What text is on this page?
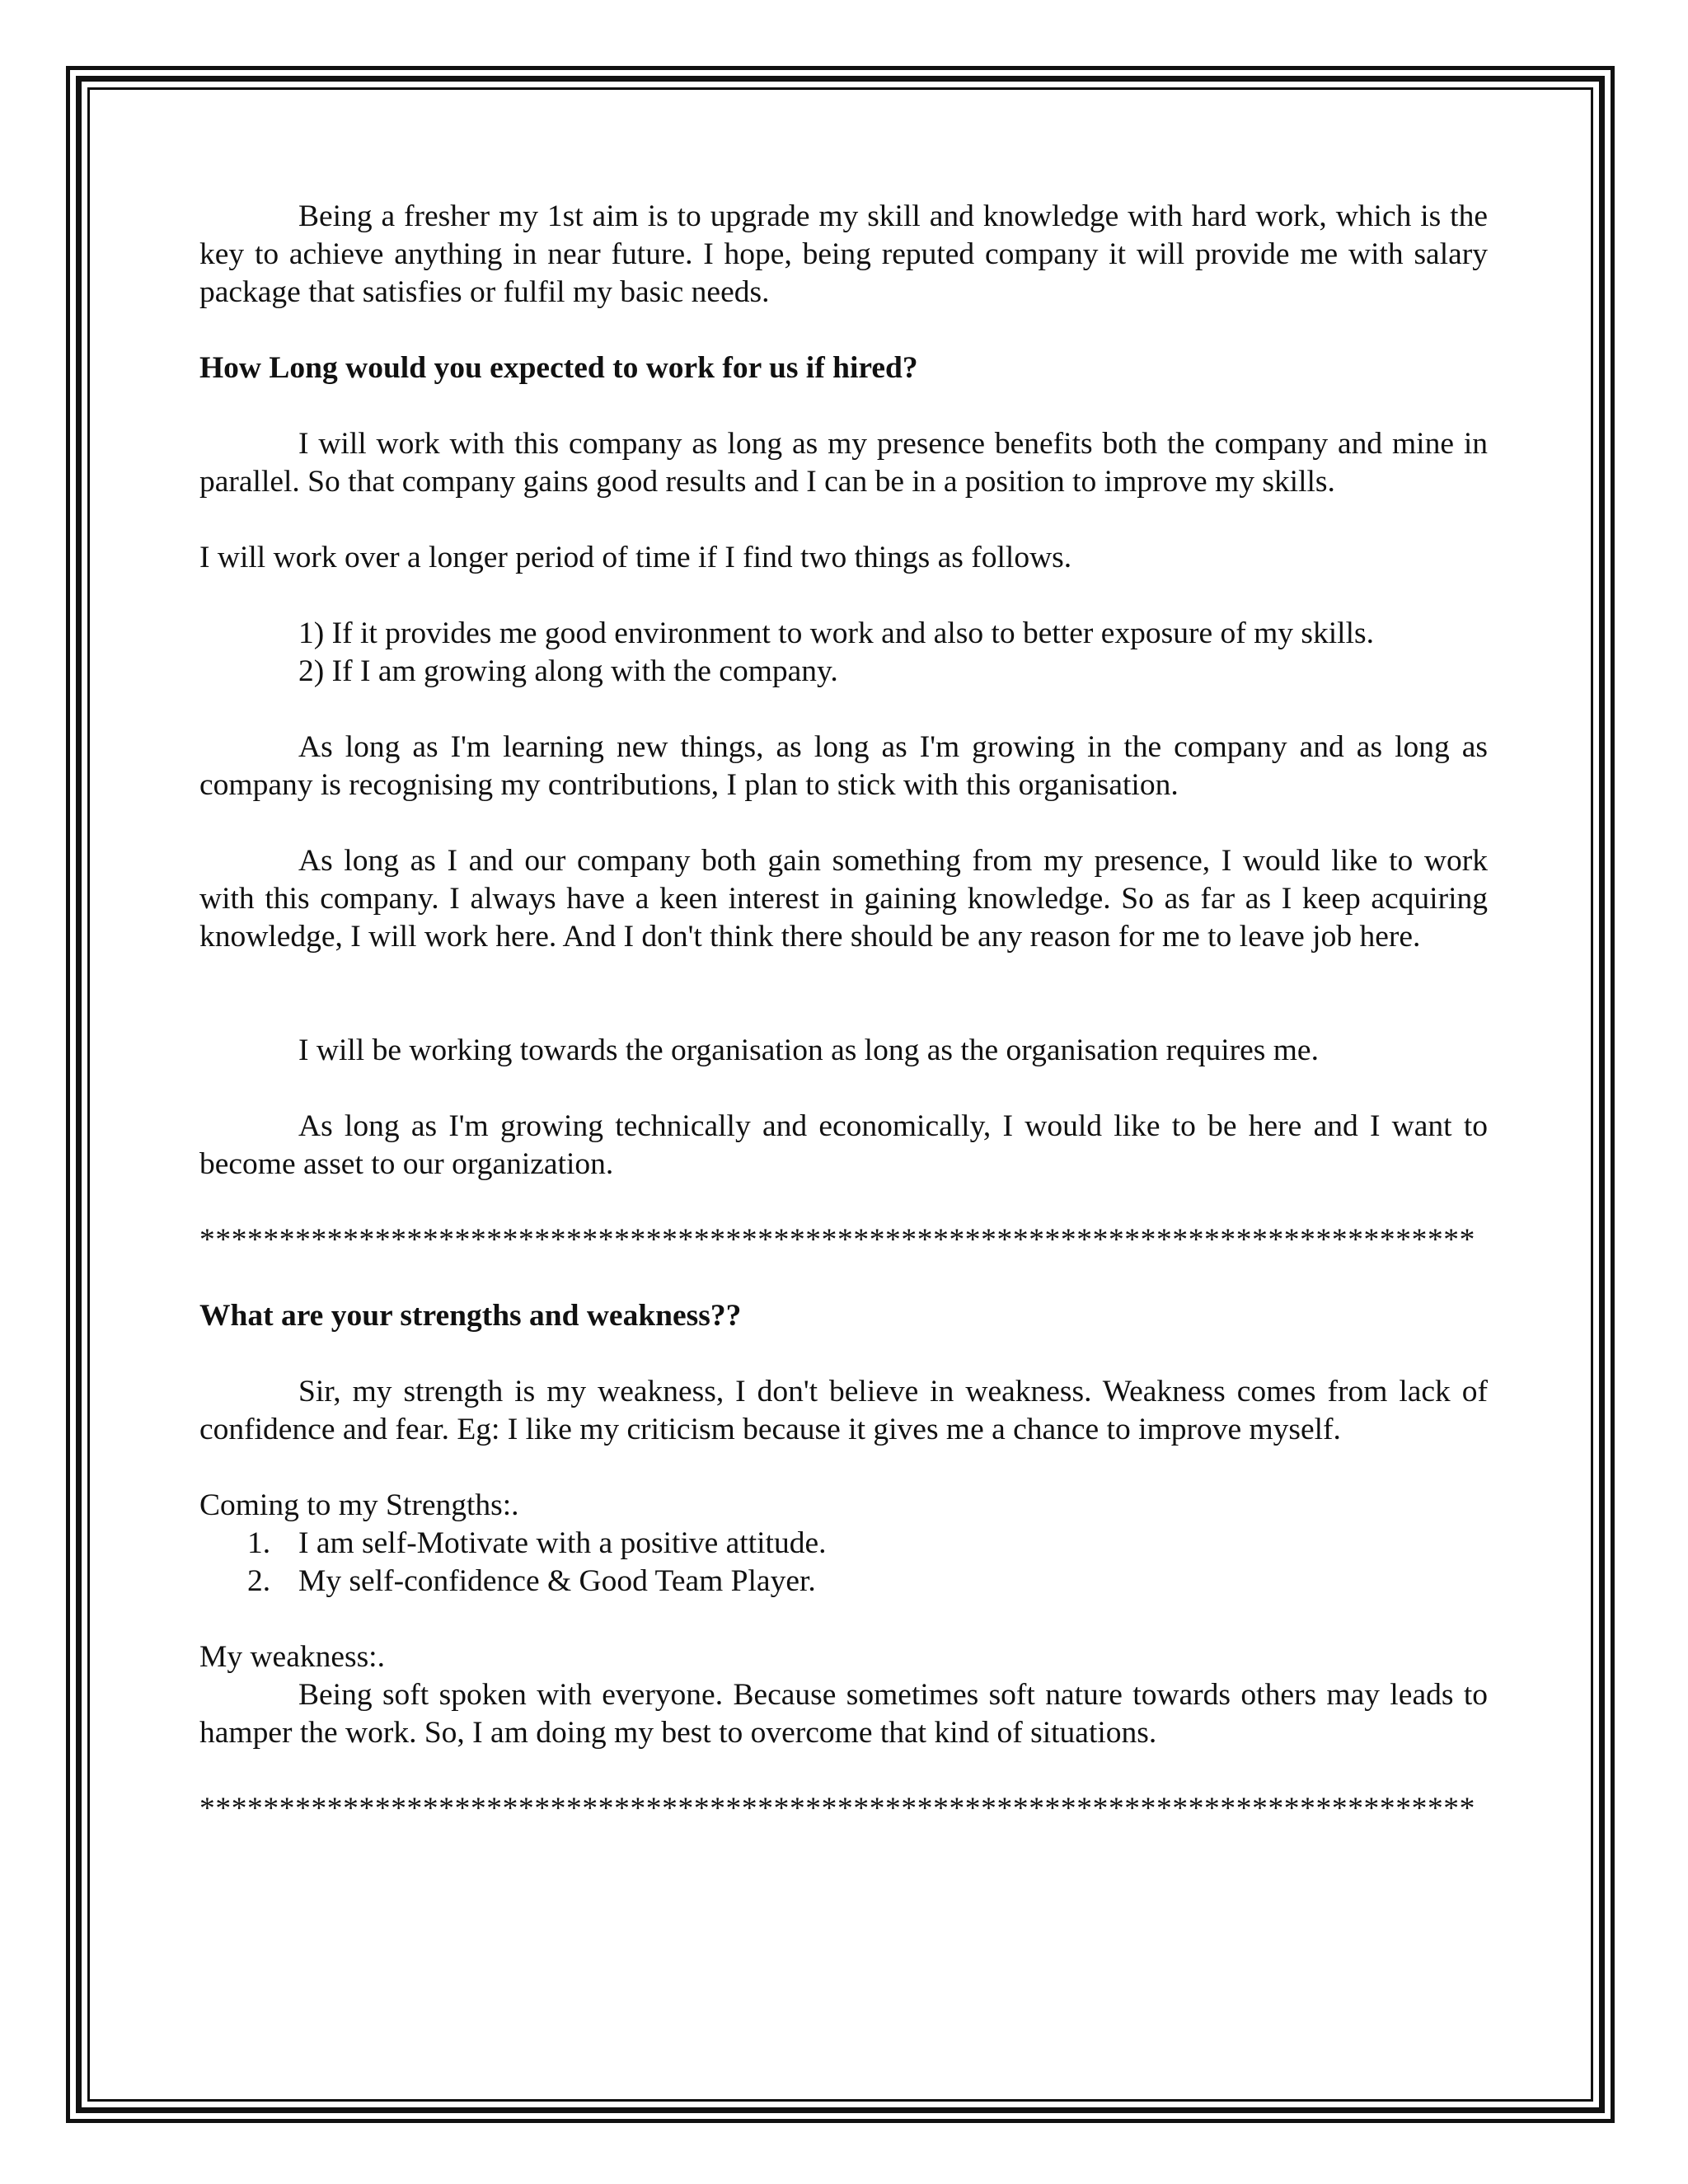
Being a fresher my 1st aim is to upgrade my skill and knowledge with hard work, which is the key to achieve anything in near future. I hope, being reputed company it will provide me with salary package that satisfies or fulfil my basic needs.

How Long would you expected to work for us if hired?

I will work with this company as long as my presence benefits both the company and mine in parallel. So that company gains good results and I can be in a position to improve my skills.

I will work over a longer period of time if I find two things as follows.

1) If it provides me good environment to work and also to better exposure of my skills.

2) If I am growing along with the company.

As long as I'm learning new things, as long as I'm growing in the company and as long as company is recognising my contributions, I plan to stick with this organisation.

As long as I and our company both gain something from my presence, I would like to work with this company. I always have a keen interest in gaining knowledge. So as far as I keep acquiring knowledge, I will work here. And I don't think there should be any reason for me to leave job here.

I will be working towards the organisation as long as the organisation requires me.

As long as I'm growing technically and economically, I would like to be here and I want to become asset to our organization.

********************************************************************************

What are your strengths and weakness??

Sir, my strength is my weakness, I don't believe in weakness. Weakness comes from lack of confidence and fear. Eg: I like my criticism because it gives me a chance to improve myself.

Coming to my Strengths:.

1. I am self-Motivate with a positive attitude.
2. My self-confidence & Good Team Player.

My weakness:.

Being soft spoken with everyone. Because sometimes soft nature towards others may leads to hamper the work. So, I am doing my best to overcome that kind of situations.

********************************************************************************
